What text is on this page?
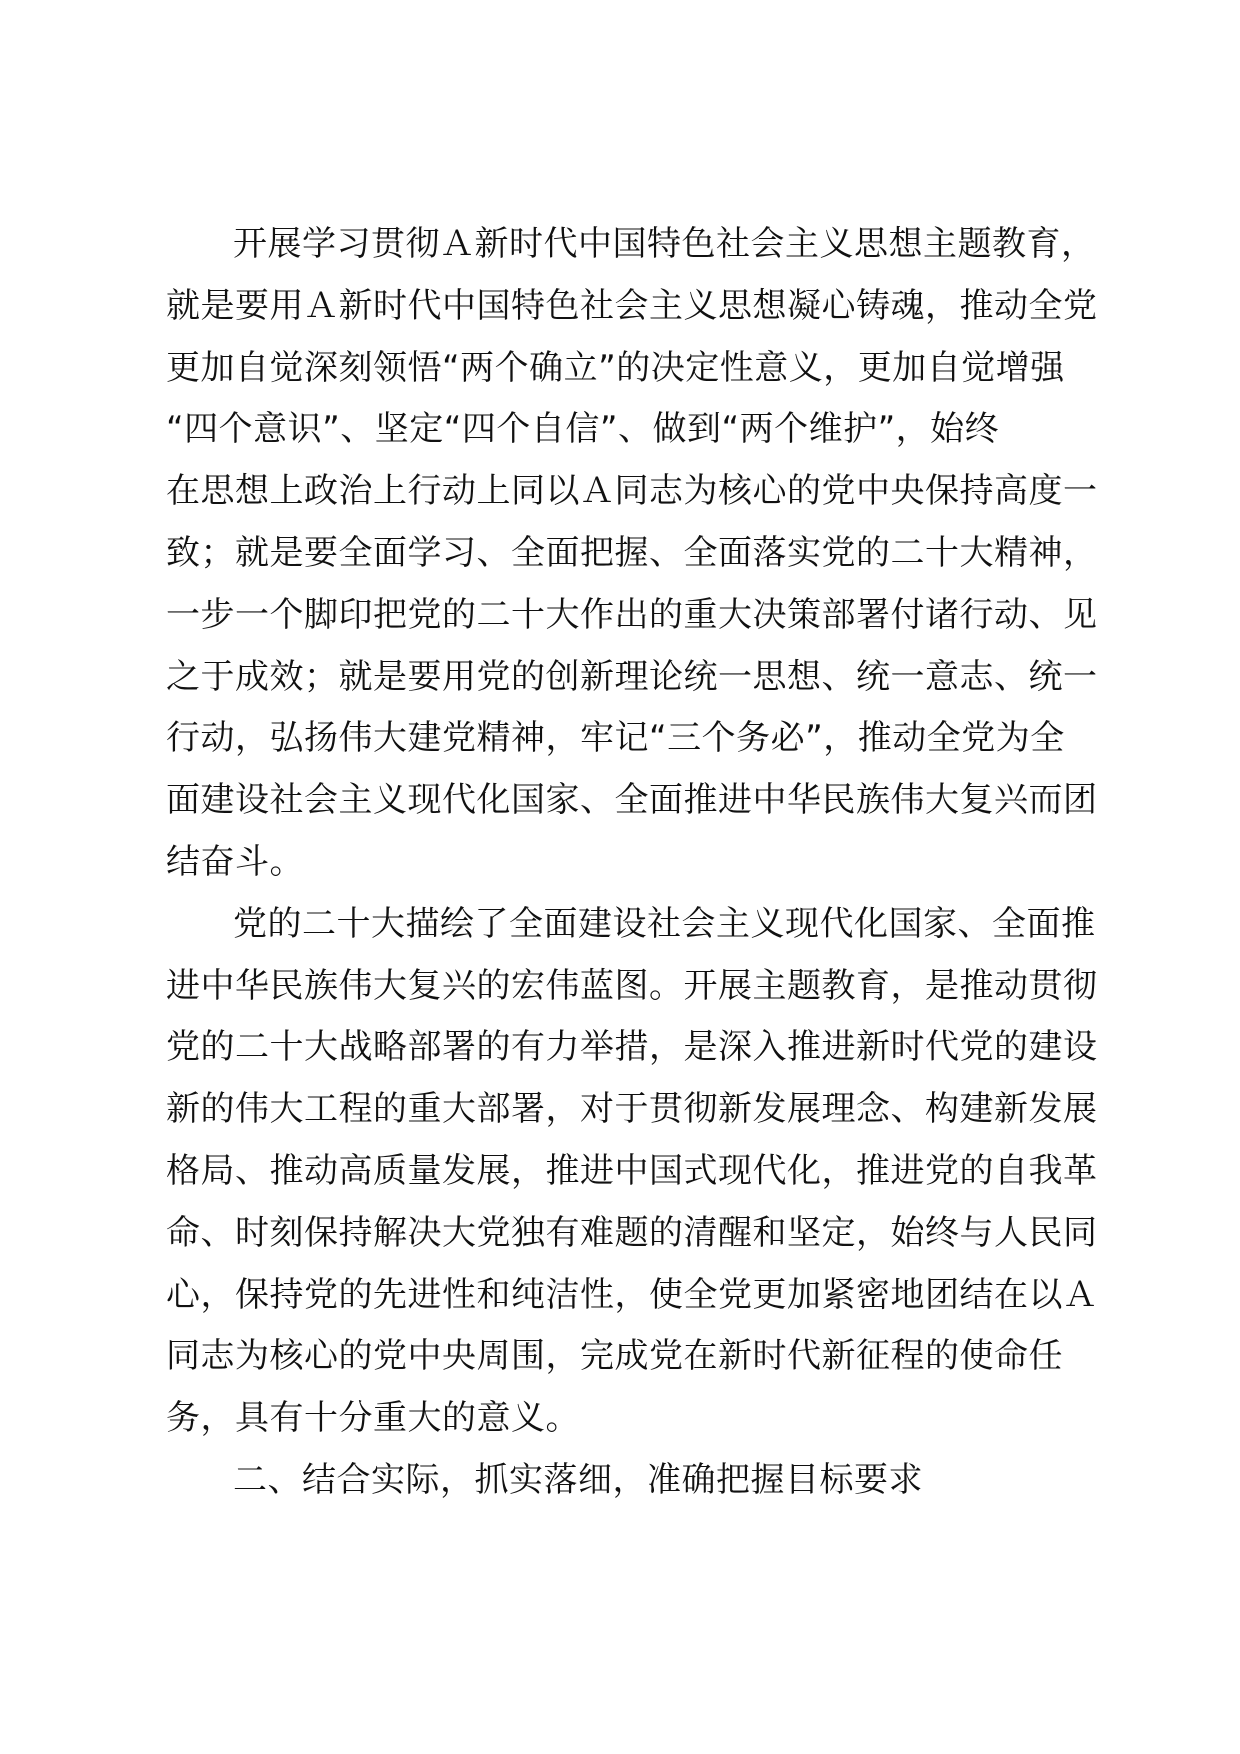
开展学习贯彻Ａ新时代中国特色社会主义思想主题教育，
就是要用Ａ新时代中国特色社会主义思想凝心铸魂，推动全党
更加自觉深刻领悟“两个确立”的决定性意义，更加自觉增强
“四个意识”、坚定“四个自信”、做到“两个维护”，始终
在思想上政治上行动上同以Ａ同志为核心的党中央保持高度一
致；就是要全面学习、全面把握、全面落实党的二十大精神，
一步一个脚印把党的二十大作出的重大决策部署付诸行动、见
之于成效；就是要用党的创新理论统一思想、统一意志、统一
行动，弘扬伟大建党精神，牢记“三个务必”，推动全党为全
面建设社会主义现代化国家、全面推进中华民族伟大复兴而团
结奋斗。
党的二十大描绘了全面建设社会主义现代化国家、全面推
进中华民族伟大复兴的宏伟蓝图。开展主题教育，是推动贯彻
党的二十大战略部署的有力举措，是深入推进新时代党的建设
新的伟大工程的重大部署，对于贯彻新发展理念、构建新发展
格局、推动高质量发展，推进中国式现代化，推进党的自我革
命、时刻保持解决大党独有难题的清醒和坚定，始终与人民同
心，保持党的先进性和纯洁性，使全党更加紧密地团结在以Ａ
同志为核心的党中央周围，完成党在新时代新征程的使命任
务，具有十分重大的意义。
二、结合实际，抓实落细，准确把握目标要求
